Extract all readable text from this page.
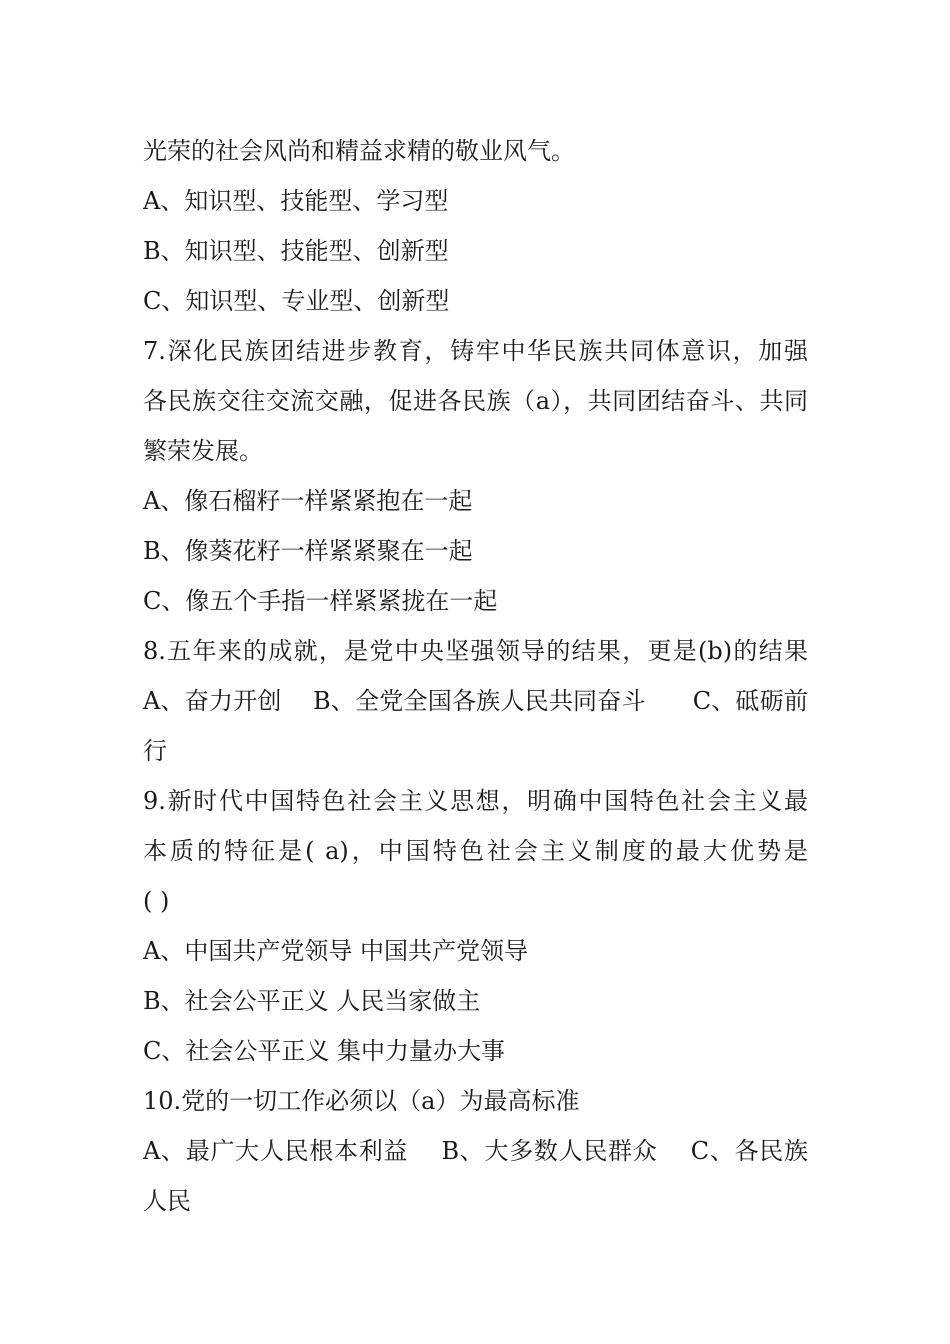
光荣的社会风尚和精益求精的敬业风气。
A、知识型、技能型、学习型
B、知识型、技能型、创新型
C、知识型、专业型、创新型
7.深化民族团结进步教育，铸牢中华民族共同体意识，加强
各民族交往交流交融，促进各民族（a），共同团结奋斗、共同
繁荣发展。
A、像石榴籽一样紧紧抱在一起
B、像葵花籽一样紧紧聚在一起
C、像五个手指一样紧紧拢在一起
8.五年来的成就，是党中央坚强领导的结果，更是(b)的结果
A、奋力开创    B、全党全国各族人民共同奋斗      C、砥砺前
行
9.新时代中国特色社会主义思想，明确中国特色社会主义最
本质的特征是( a)，中国特色社会主义制度的最大优势是
( )
A、中国共产党领导 中国共产党领导
B、社会公平正义 人民当家做主
C、社会公平正义 集中力量办大事
10.党的一切工作必须以（a）为最高标准
A、最广大人民根本利益    B、大多数人民群众    C、各民族
人民
